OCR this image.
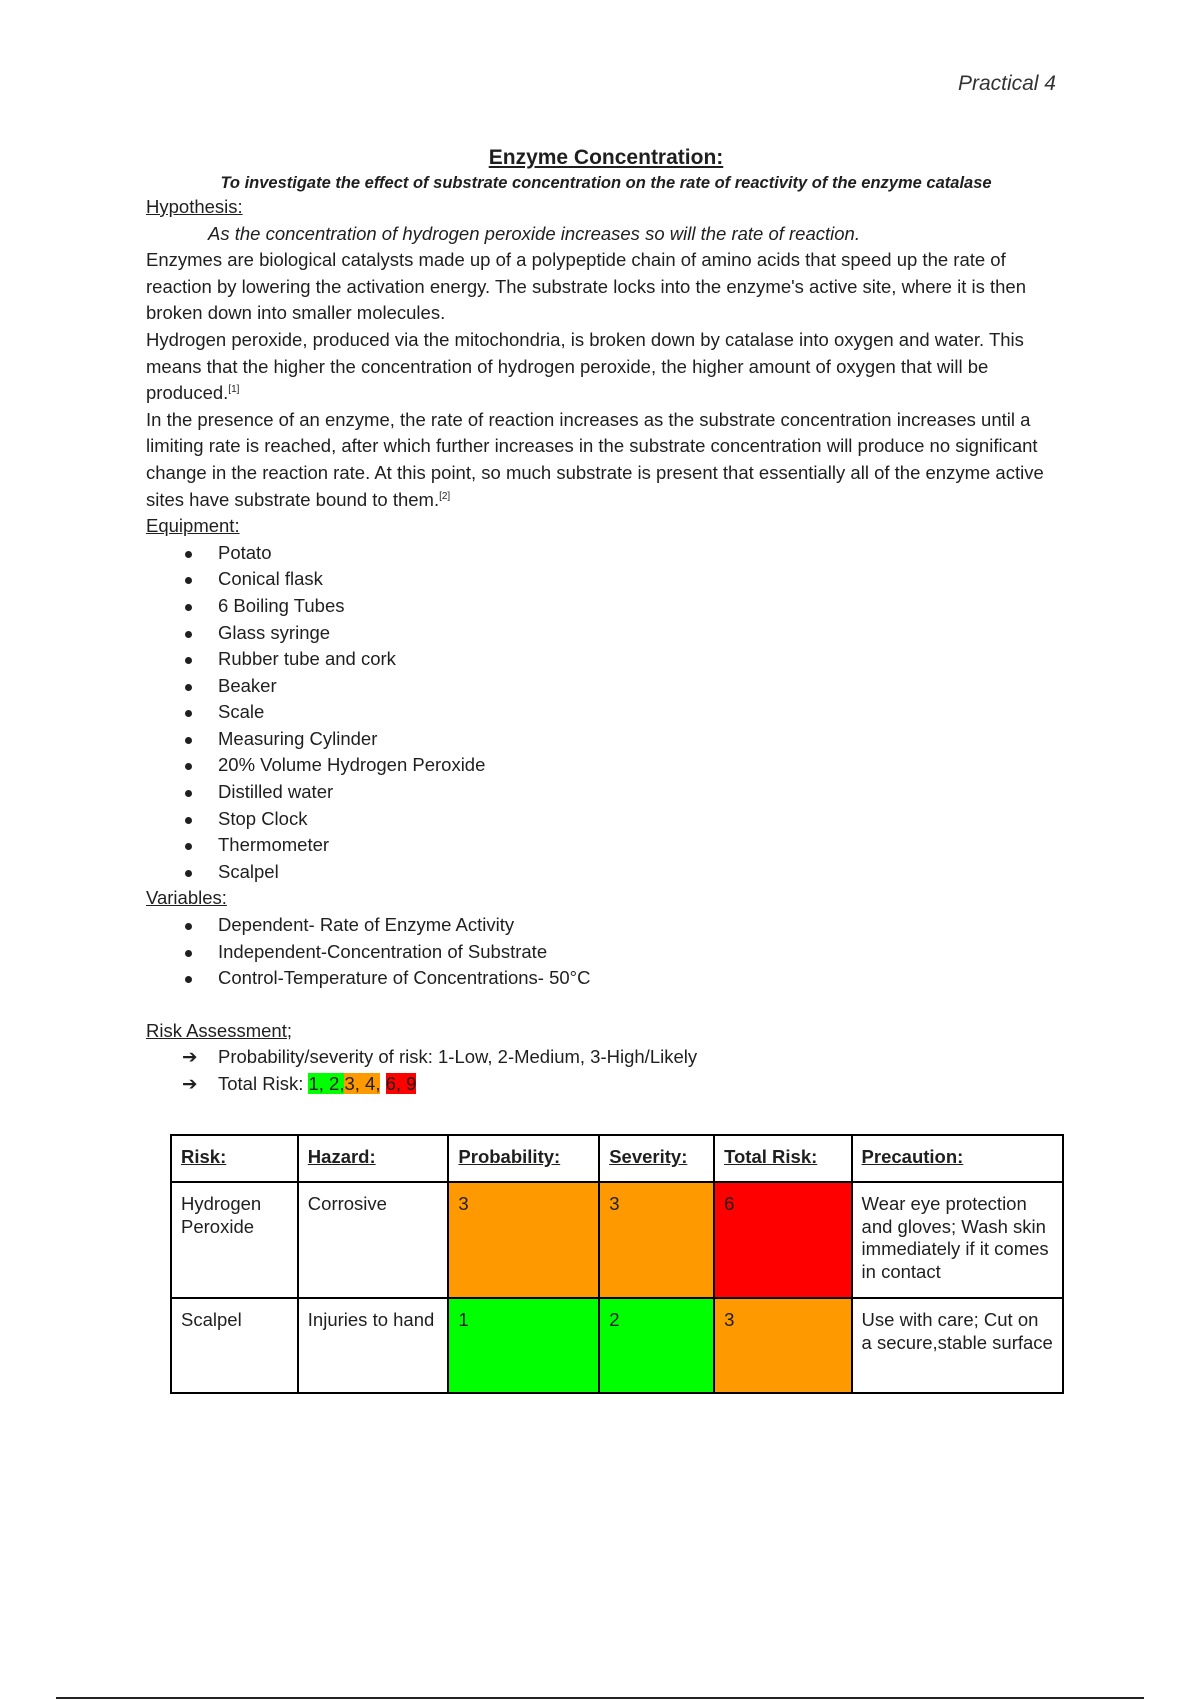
Practical 4
Enzyme Concentration:

To investigate the effect of substrate concentration on the rate of reactivity of the enzyme catalase

Hypothesis:

As the concentration of hydrogen peroxide increases so will the rate of reaction.

Enzymes are biological catalysts made up of a polypeptide chain of amino acids that speed up the rate of reaction by lowering the activation energy. The substrate locks into the enzyme's active site, where it is then broken down into smaller molecules.

Hydrogen peroxide, produced via the mitochondria, is broken down by catalase into oxygen and water. This means that the higher the concentration of hydrogen peroxide, the higher amount of oxygen that will be produced.[1]

In the presence of an enzyme, the rate of reaction increases as the substrate concentration increases until a limiting rate is reached, after which further increases in the substrate concentration will produce no significant change in the reaction rate. At this point, so much substrate is present that essentially all of the enzyme active sites have substrate bound to them.[2]

Equipment:

Potato
Conical flask
6 Boiling Tubes
Glass syringe
Rubber tube and cork
Beaker
Scale
Measuring Cylinder
20% Volume Hydrogen Peroxide
Distilled water
Stop Clock
Thermometer
Scalpel

Variables:

Dependent- Rate of Enzyme Activity
Independent-Concentration of Substrate
Control-Temperature of Concentrations- 50°C

Risk Assessment;

➔ Probability/severity of risk: 1-Low, 2-Medium, 3-High/Likely
➔ Total Risk: 1, 2,3, 4, 6, 9
Risk:	Hazard:	Probability:	Severity:	Total Risk:	Precaution:
Hydrogen Peroxide	Corrosive	3	3	6	Wear eye protection and gloves; Wash skin immediately if it comes in contact
Scalpel	Injuries to hand	1	2	3	Use with care; Cut on a secure,stable surface
